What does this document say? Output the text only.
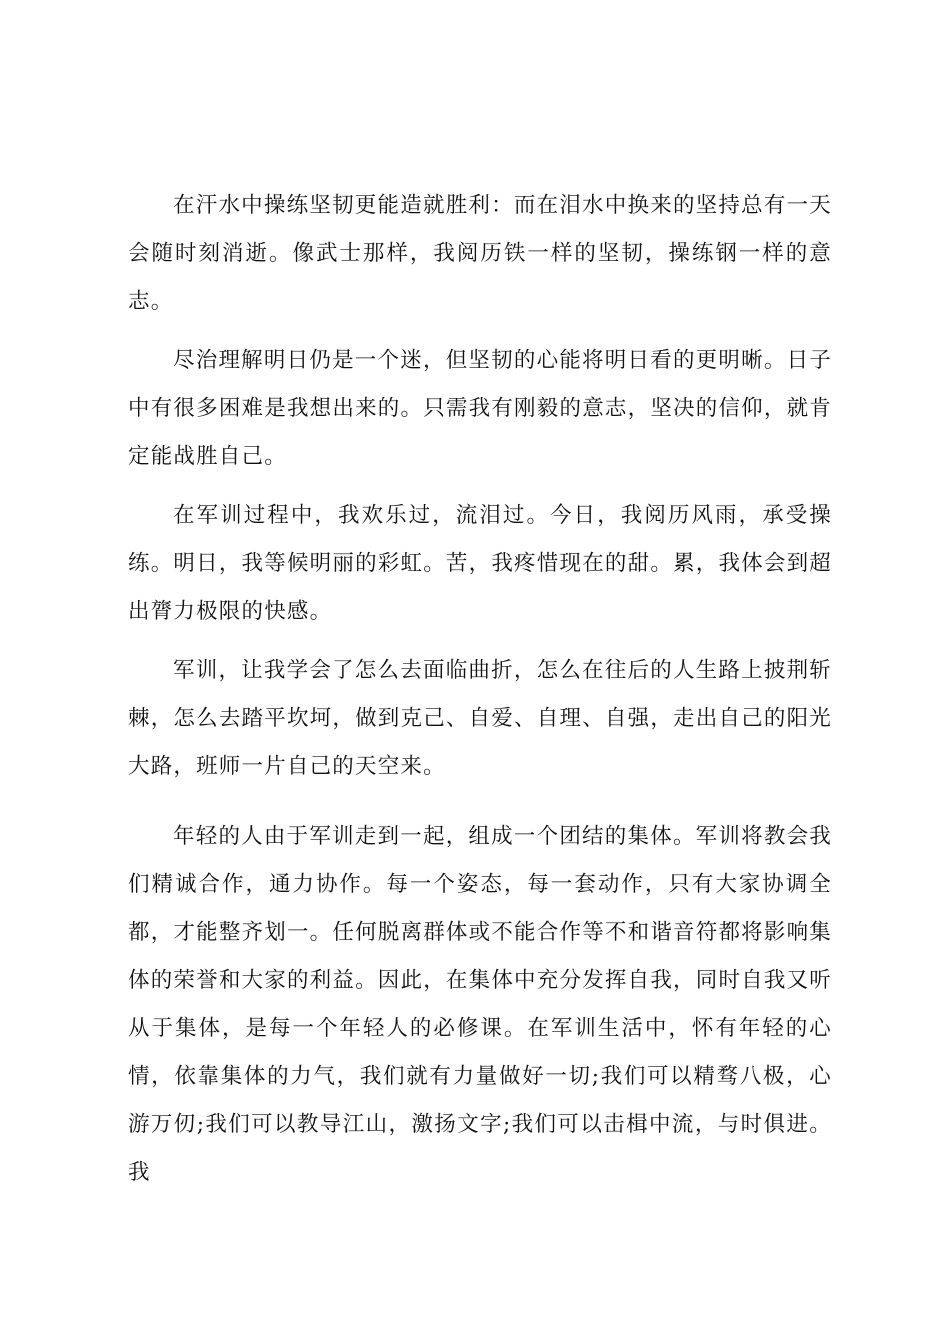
在汗水中操练坚韧更能造就胜利：而在泪水中换来的坚持总有一天会随时刻消逝。像武士那样，我阅历铁一样的坚韧，操练钢一样的意志。

尽治理解明日仍是一个迷，但坚韧的心能将明日看的更明晰。日子中有很多困难是我想出来的。只需我有刚毅的意志，坚决的信仰，就肯定能战胜自己。

在军训过程中，我欢乐过，流泪过。今日，我阅历风雨，承受操练。明日，我等候明丽的彩虹。苦，我疼惜现在的甜。累，我体会到超出膂力极限的快感。

军训，让我学会了怎么去面临曲折，怎么在往后的人生路上披荆斩棘，怎么去踏平坎坷，做到克己、自爱、自理、自强，走出自己的阳光大路，班师一片自己的天空来。

年轻的人由于军训走到一起，组成一个团结的集体。军训将教会我们精诚合作，通力协作。每一个姿态，每一套动作，只有大家协调全都，才能整齐划一。任何脱离群体或不能合作等不和谐音符都将影响集体的荣誉和大家的利益。因此，在集体中充分发挥自我，同时自我又听从于集体，是每一个年轻人的必修课。在军训生活中，怀有年轻的心情，依靠集体的力气，我们就有力量做好一切;我们可以精骛八极，心游万仞;我们可以教导江山，激扬文字;我们可以击楫中流，与时俱进。我
